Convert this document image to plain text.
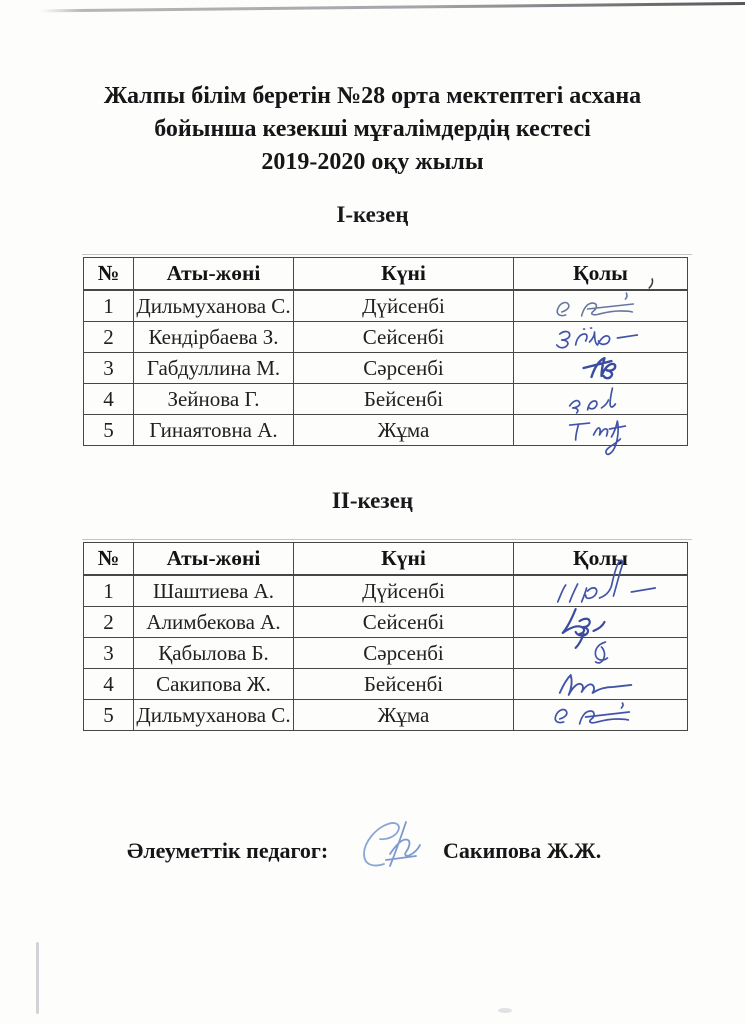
Жалпы білім беретін №28 орта мектептегі асхана
бойынша кезекші мұғалімдердің кестесі
2019-2020 оқу жылы
І-кезең
№	Аты-жөні	Күні	Қолы

1	Дильмуханова С.	Дүйсенбі	

2	Кендірбаева З.	Сейсенбі	

3	Габдуллина М.	Сәрсенбі	

4	Зейнова Г.	Бейсенбі	

5	Гинаятовна А.	Жұма	
ІІ-кезең
№	Аты-жөні	Күні	Қолы
1	Шаштиева А.	Дүйсенбі	

2	Алимбекова А.	Сейсенбі	

3	Қабылова Б.	Сәрсенбі	

4	Сакипова Ж.	Бейсенбі	

5	Дильмуханова С.	Жұма	
Әлеуметтік педагог:	Сакипова Ж.Ж.
